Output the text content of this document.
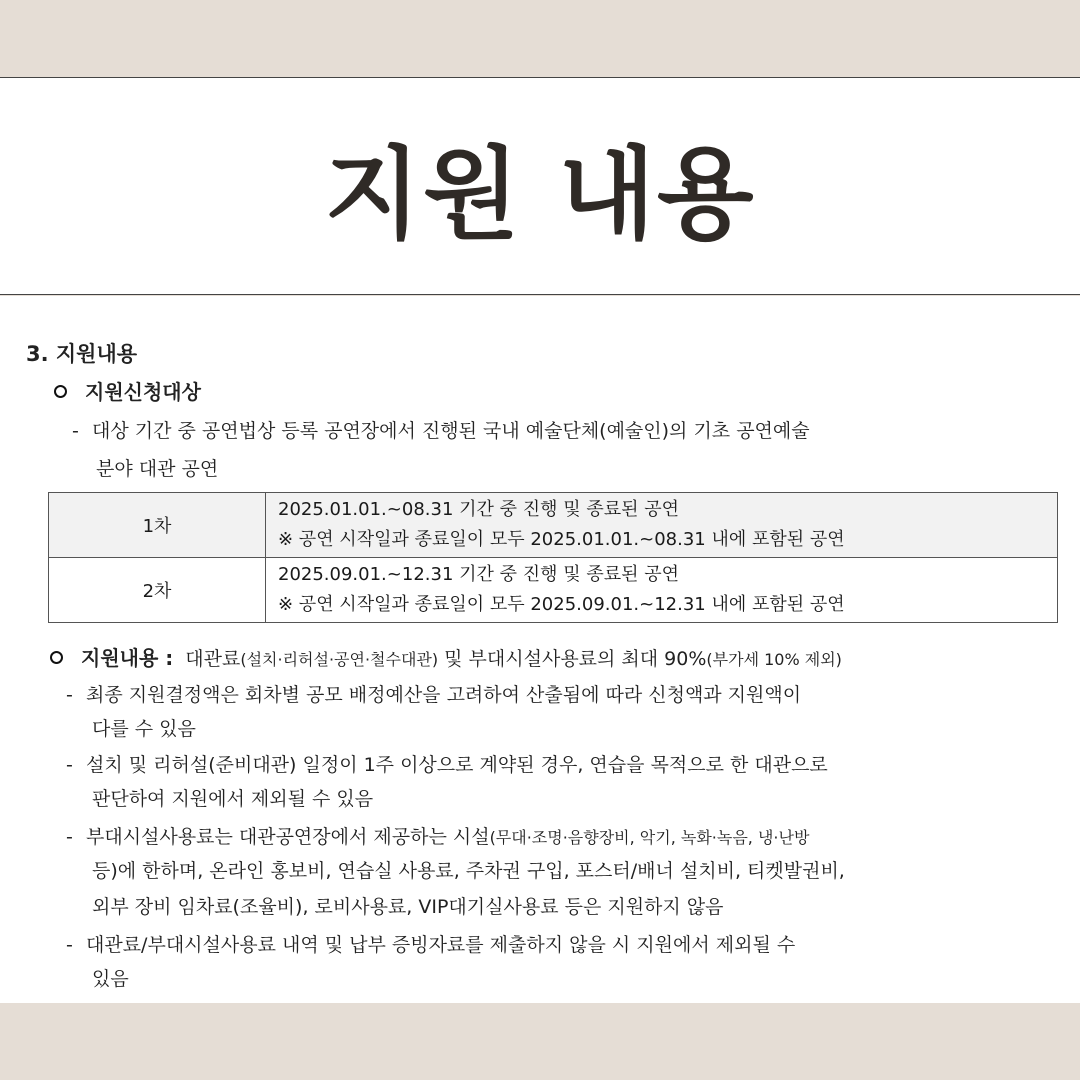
지원 내용
3. 지원내용
지원신청대상
- 대상 기간 중 공연법상 등록 공연장에서 진행된 국내 예술단체(예술인)의 기초 공연예술
분야 대관 공연
1차	2025.01.01.~08.31 기간 중 진행 및 종료된 공연
※ 공연 시작일과 종료일이 모두 2025.01.01.~08.31 내에 포함된 공연

2차	2025.09.01.~12.31 기간 중 진행 및 종료된 공연
※ 공연 시작일과 종료일이 모두 2025.09.01.~12.31 내에 포함된 공연
지원내용 : 대관료(설치·리허설·공연·철수대관) 및 부대시설사용료의 최대 90%(부가세 10% 제외)
- 최종 지원결정액은 회차별 공모 배정예산을 고려하여 산출됨에 따라 신청액과 지원액이
다를 수 있음
- 설치 및 리허설(준비대관) 일정이 1주 이상으로 계약된 경우, 연습을 목적으로 한 대관으로
판단하여 지원에서 제외될 수 있음
- 부대시설사용료는 대관공연장에서 제공하는 시설(무대·조명·음향장비, 악기, 녹화·녹음, 냉·난방
등)에 한하며, 온라인 홍보비, 연습실 사용료, 주차권 구입, 포스터/배너 설치비, 티켓발권비,
외부 장비 임차료(조율비), 로비사용료, VIP대기실사용료 등은 지원하지 않음
- 대관료/부대시설사용료 내역 및 납부 증빙자료를 제출하지 않을 시 지원에서 제외될 수
있음
